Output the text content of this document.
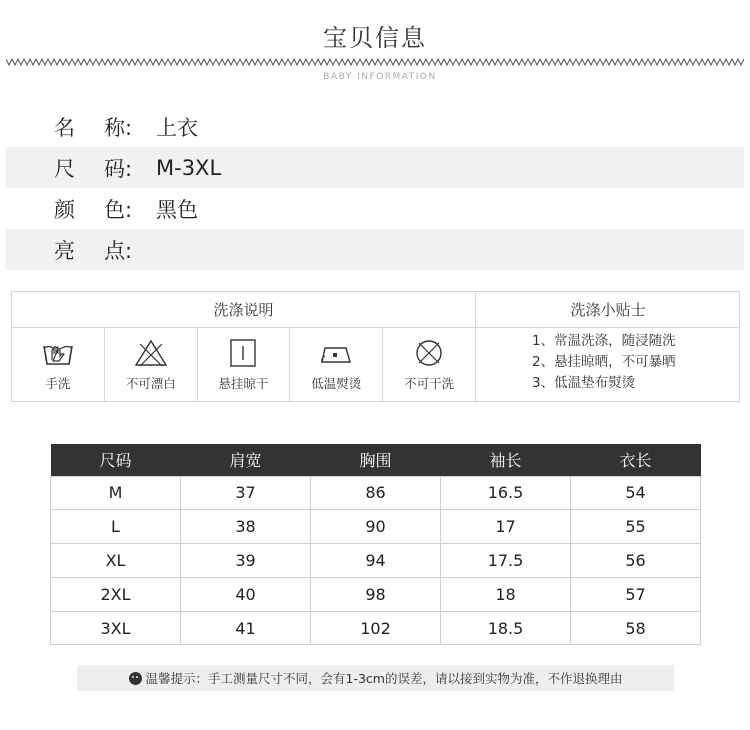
宝贝信息
BABY INFORMATION
名	称:	上衣
尺	码:	M-3XL
颜	色:	黑色
亮	点:
洗涤说明	洗涤小贴士
手洗	不可漂白	悬挂晾干	低温熨烫	不可干洗
1、常温洗涤，随浸随洗
2、悬挂晾晒，不可暴晒
3、低温垫布熨烫
尺码	肩宽	胸围	袖长	衣长
M	37	86	16.5	54
L	38	90	17	55
XL	39	94	17.5	56
2XL	40	98	18	57
3XL	41	102	18.5	58
温馨提示：手工测量尺寸不同，会有1-3cm的误差，请以接到实物为准，不作退换理由
